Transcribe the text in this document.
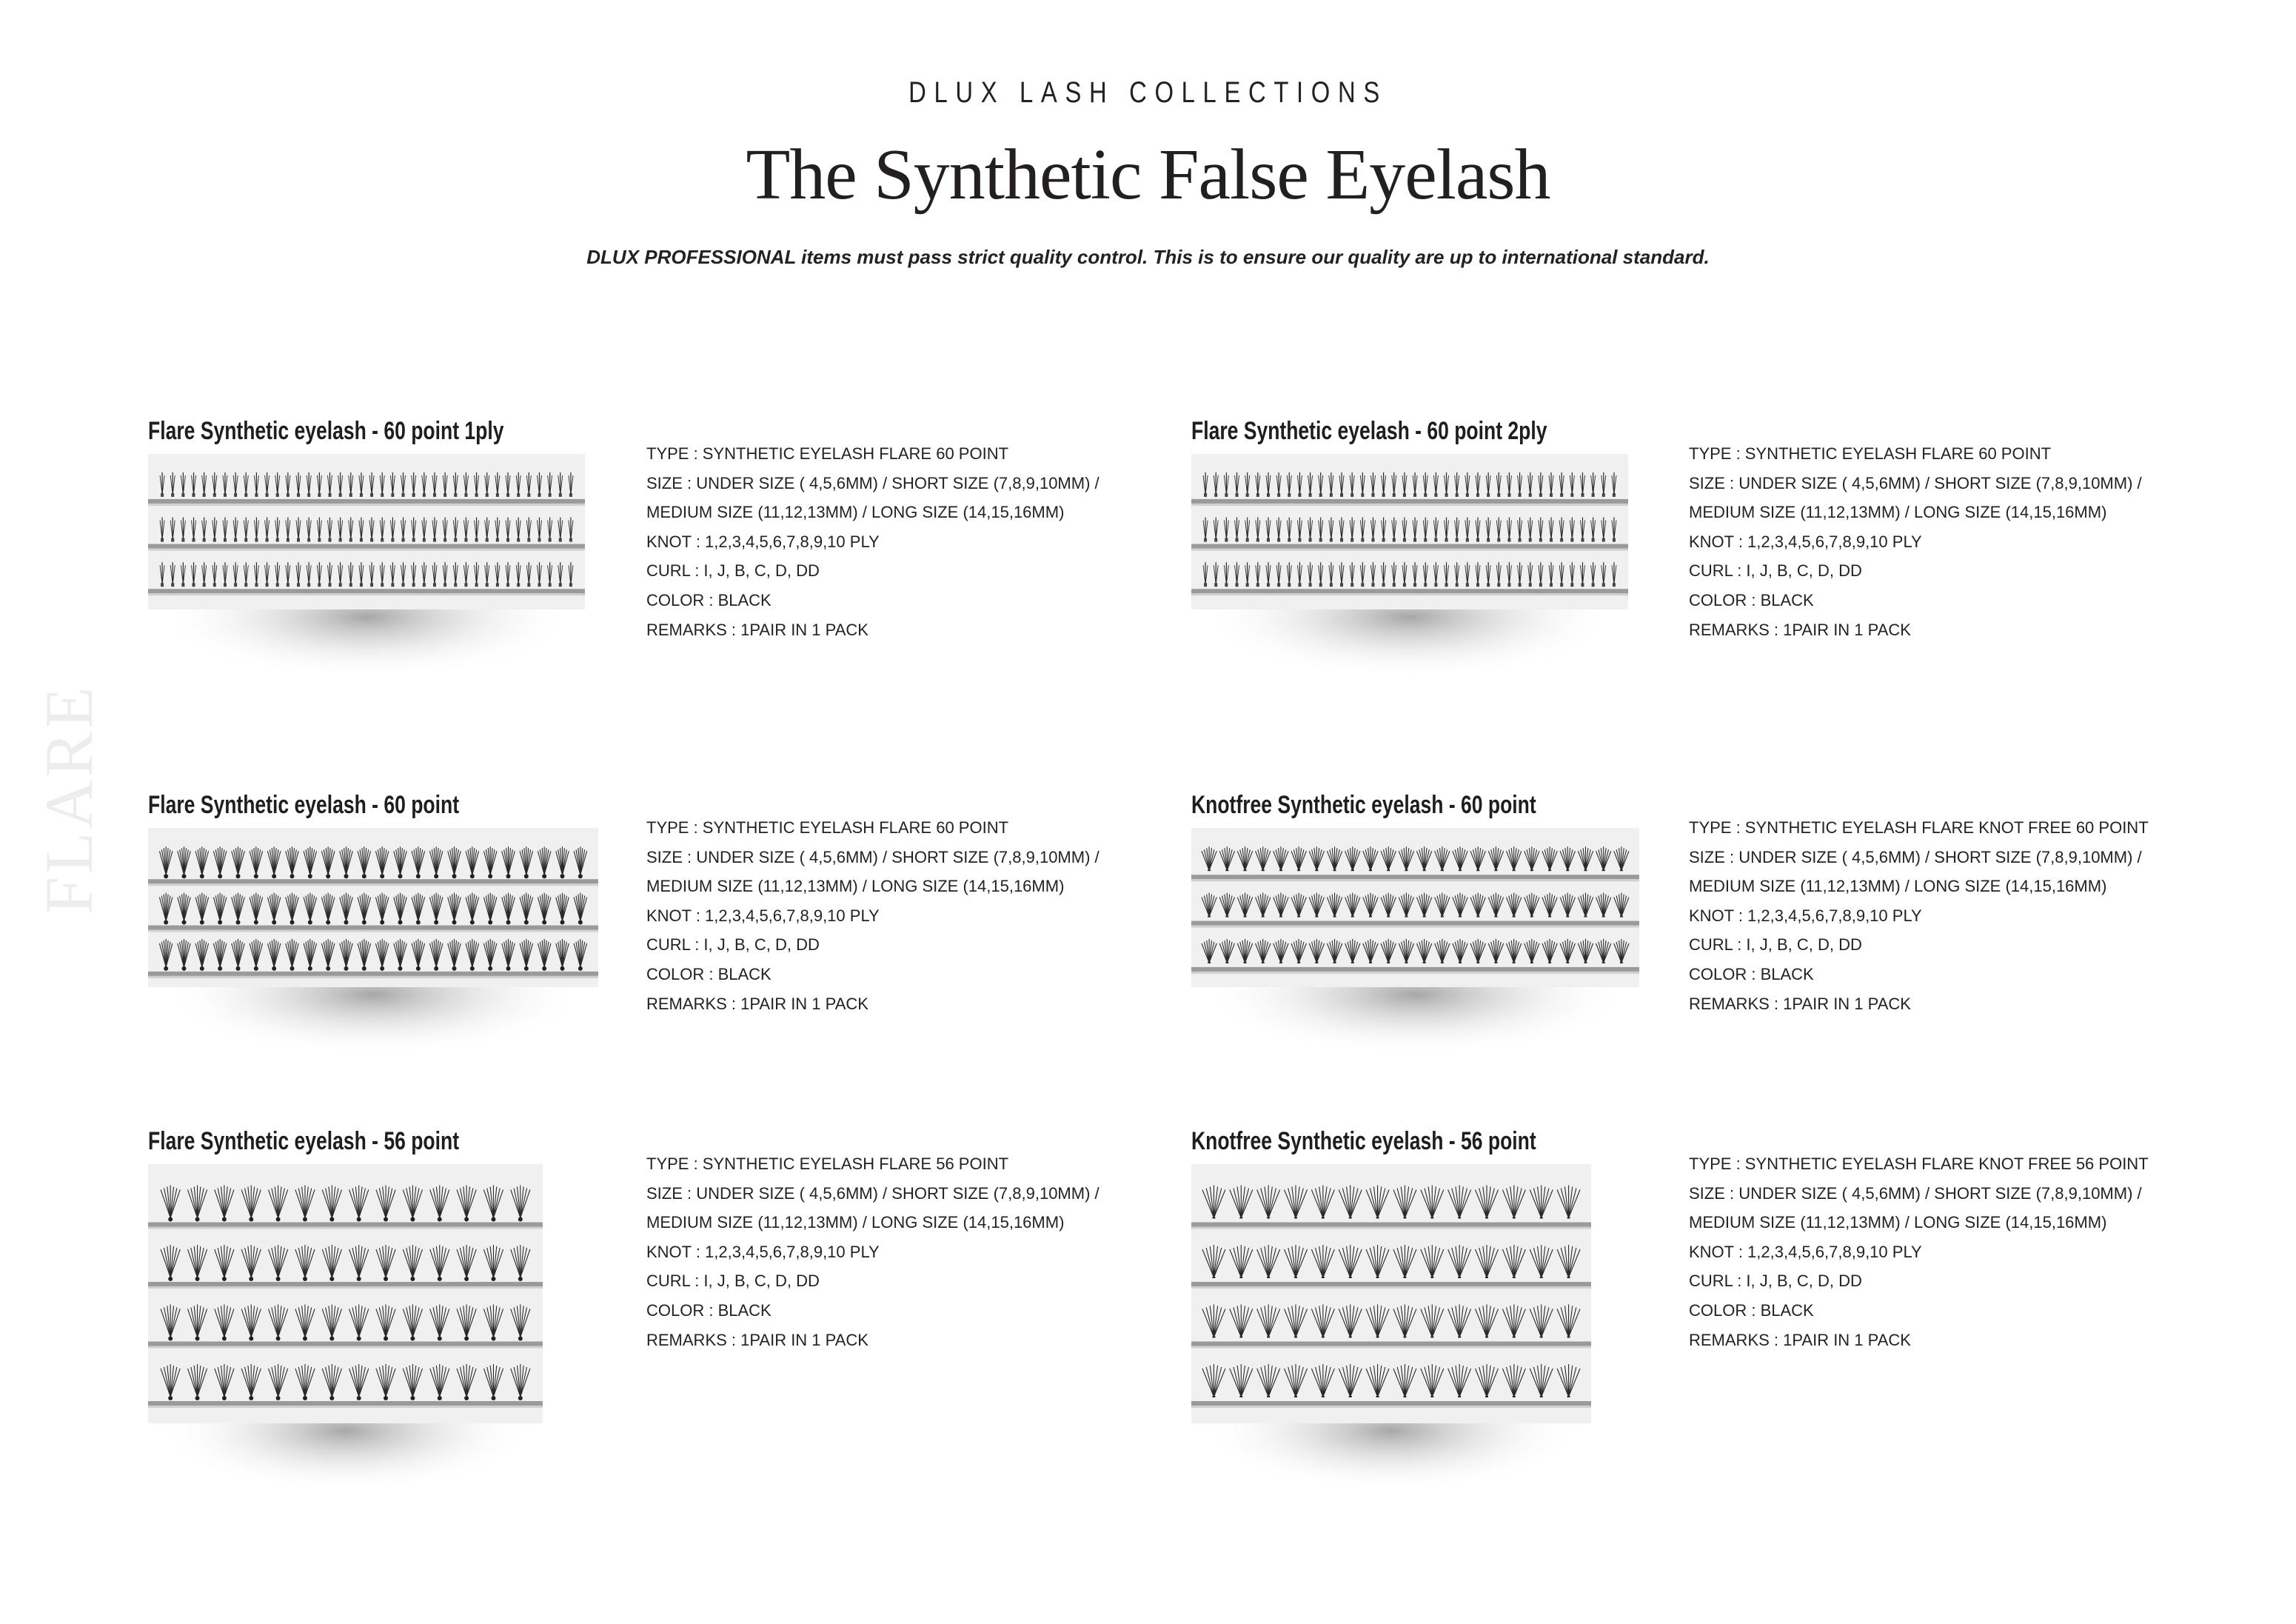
DLUX LASH COLLECTIONS
The Synthetic False Eyelash
DLUX PROFESSIONAL items must pass strict quality control. This is to ensure our quality are up to international standard.
FLARE
Flare Synthetic eyelash - 60 point 1ply
TYPE : SYNTHETIC EYELASH FLARE 60 POINT
SIZE : UNDER SIZE ( 4,5,6MM) / SHORT SIZE (7,8,9,10MM) /
MEDIUM SIZE (11,12,13MM) / LONG SIZE (14,15,16MM)
KNOT : 1,2,3,4,5,6,7,8,9,10 PLY
CURL : I, J, B, C, D, DD
COLOR : BLACK
REMARKS : 1PAIR IN 1 PACK
Flare Synthetic eyelash - 60 point 2ply
TYPE : SYNTHETIC EYELASH FLARE 60 POINT
SIZE : UNDER SIZE ( 4,5,6MM) / SHORT SIZE (7,8,9,10MM) /
MEDIUM SIZE (11,12,13MM) / LONG SIZE (14,15,16MM)
KNOT : 1,2,3,4,5,6,7,8,9,10 PLY
CURL : I, J, B, C, D, DD
COLOR : BLACK
REMARKS : 1PAIR IN 1 PACK
Flare Synthetic eyelash - 60 point
TYPE : SYNTHETIC EYELASH FLARE 60 POINT
SIZE : UNDER SIZE ( 4,5,6MM) / SHORT SIZE (7,8,9,10MM) /
MEDIUM SIZE (11,12,13MM) / LONG SIZE (14,15,16MM)
KNOT : 1,2,3,4,5,6,7,8,9,10 PLY
CURL : I, J, B, C, D, DD
COLOR : BLACK
REMARKS : 1PAIR IN 1 PACK
Knotfree Synthetic eyelash - 60 point
TYPE : SYNTHETIC EYELASH FLARE KNOT FREE 60 POINT
SIZE : UNDER SIZE ( 4,5,6MM) / SHORT SIZE (7,8,9,10MM) /
MEDIUM SIZE (11,12,13MM) / LONG SIZE (14,15,16MM)
KNOT : 1,2,3,4,5,6,7,8,9,10 PLY
CURL : I, J, B, C, D, DD
COLOR : BLACK
REMARKS : 1PAIR IN 1 PACK
Flare Synthetic eyelash - 56 point
TYPE : SYNTHETIC EYELASH FLARE 56 POINT
SIZE : UNDER SIZE ( 4,5,6MM) / SHORT SIZE (7,8,9,10MM) /
MEDIUM SIZE (11,12,13MM) / LONG SIZE (14,15,16MM)
KNOT : 1,2,3,4,5,6,7,8,9,10 PLY
CURL : I, J, B, C, D, DD
COLOR : BLACK
REMARKS : 1PAIR IN 1 PACK
Knotfree Synthetic eyelash - 56 point
TYPE : SYNTHETIC EYELASH FLARE KNOT FREE 56 POINT
SIZE : UNDER SIZE ( 4,5,6MM) / SHORT SIZE (7,8,9,10MM) /
MEDIUM SIZE (11,12,13MM) / LONG SIZE (14,15,16MM)
KNOT : 1,2,3,4,5,6,7,8,9,10 PLY
CURL : I, J, B, C, D, DD
COLOR : BLACK
REMARKS : 1PAIR IN 1 PACK
